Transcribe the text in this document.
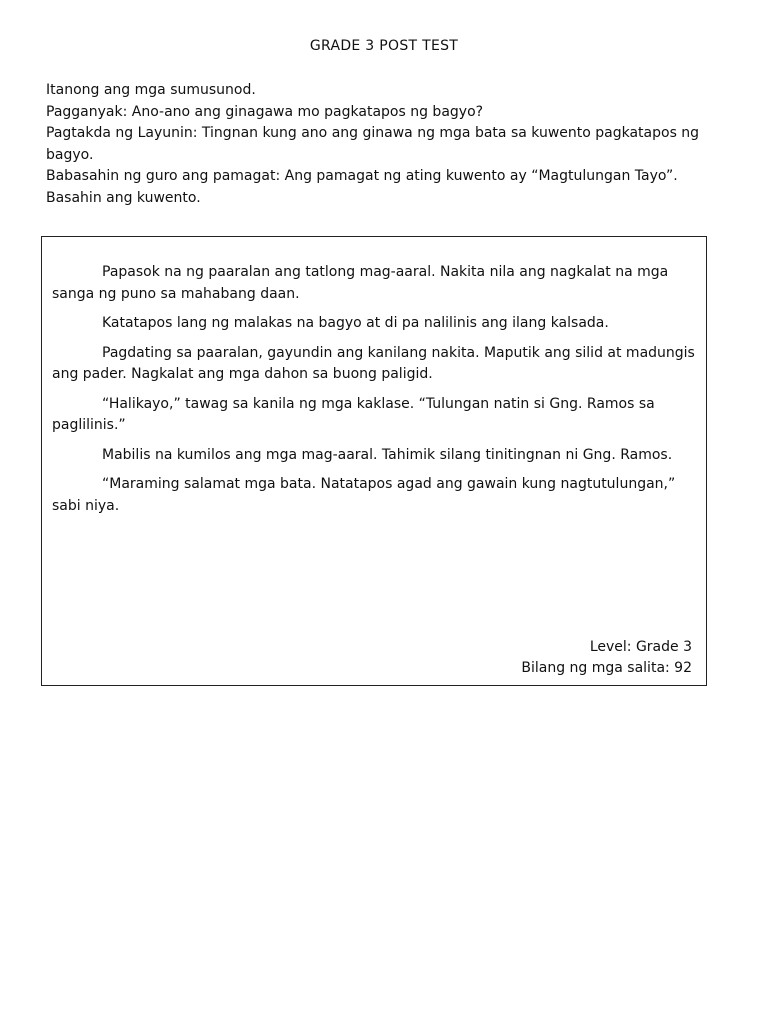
GRADE 3 POST TEST

Itanong ang mga sumusunod.

Pagganyak: Ano-ano ang ginagawa mo pagkatapos ng bagyo?

Pagtakda ng Layunin: Tingnan kung ano ang ginawa ng mga bata sa kuwento pagkatapos ng bagyo.

Babasahin ng guro ang pamagat: Ang pamagat ng ating kuwento ay “Magtulungan Tayo”.

Basahin ang kuwento.

Papasok na ng paaralan ang tatlong mag-aaral. Nakita nila ang nagkalat na mga sanga ng puno sa mahabang daan.

Katatapos lang ng malakas na bagyo at di pa nalilinis ang ilang kalsada.

Pagdating sa paaralan, gayundin ang kanilang nakita. Maputik ang silid at madungis ang pader. Nagkalat ang mga dahon sa buong paligid.

“Halikayo,” tawag sa kanila ng mga kaklase. “Tulungan natin si Gng. Ramos sa paglilinis.”

Mabilis na kumilos ang mga mag-aaral. Tahimik silang tinitingnan ni Gng. Ramos.

“Maraming salamat mga bata. Natatapos agad ang gawain kung nagtutulungan,” sabi niya.

Level: Grade 3
Bilang ng mga salita: 92
